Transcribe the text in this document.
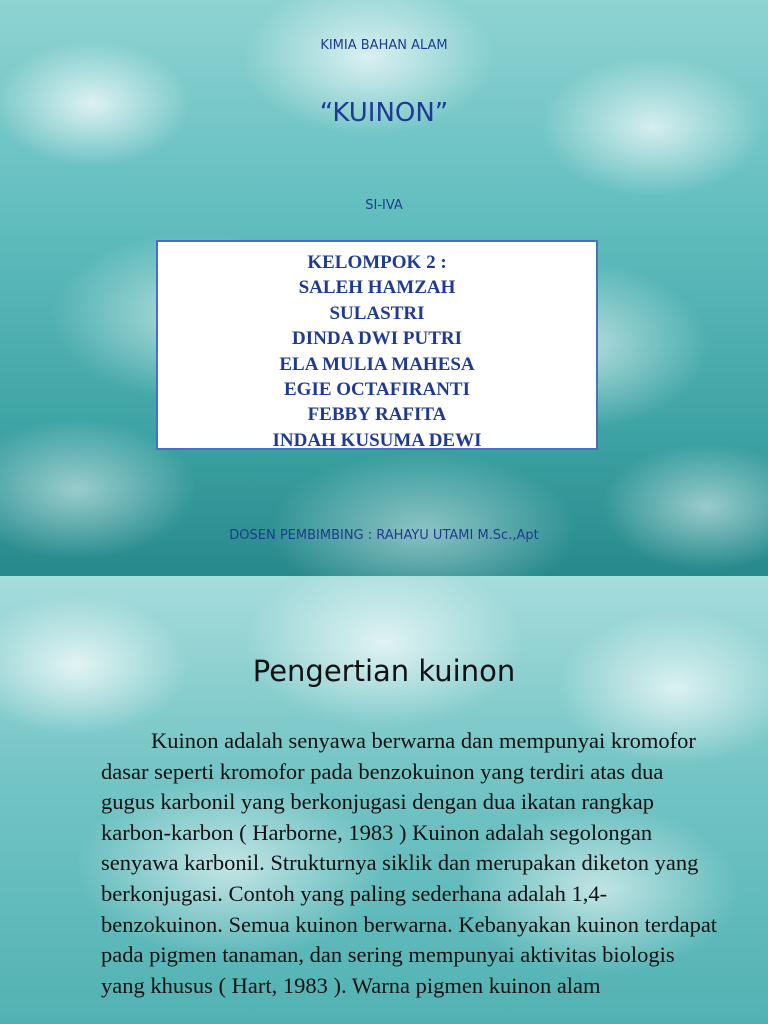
KIMIA BAHAN ALAM
“KUINON”
SI-IVA
KELOMPOK 2 :
SALEH HAMZAH
SULASTRI
DINDA DWI PUTRI
ELA MULIA MAHESA
EGIE OCTAFIRANTI
FEBBY RAFITA
INDAH KUSUMA DEWI
DOSEN PEMBIMBING : RAHAYU UTAMI M.Sc.,Apt
Pengertian kuinon

Kuinon adalah senyawa berwarna dan mempunyai kromofor dasar seperti kromofor pada benzokuinon yang terdiri atas dua gugus karbonil yang berkonjugasi dengan dua ikatan rangkap karbon-karbon ( Harborne, 1983 ) Kuinon adalah segolongan senyawa karbonil. Strukturnya siklik dan merupakan diketon yang berkonjugasi. Contoh yang paling sederhana adalah 1,4-benzokuinon. Semua kuinon berwarna. Kebanyakan kuinon terdapat pada pigmen tanaman, dan sering mempunyai aktivitas biologis yang khusus ( Hart, 1983 ). Warna pigmen kuinon alam
